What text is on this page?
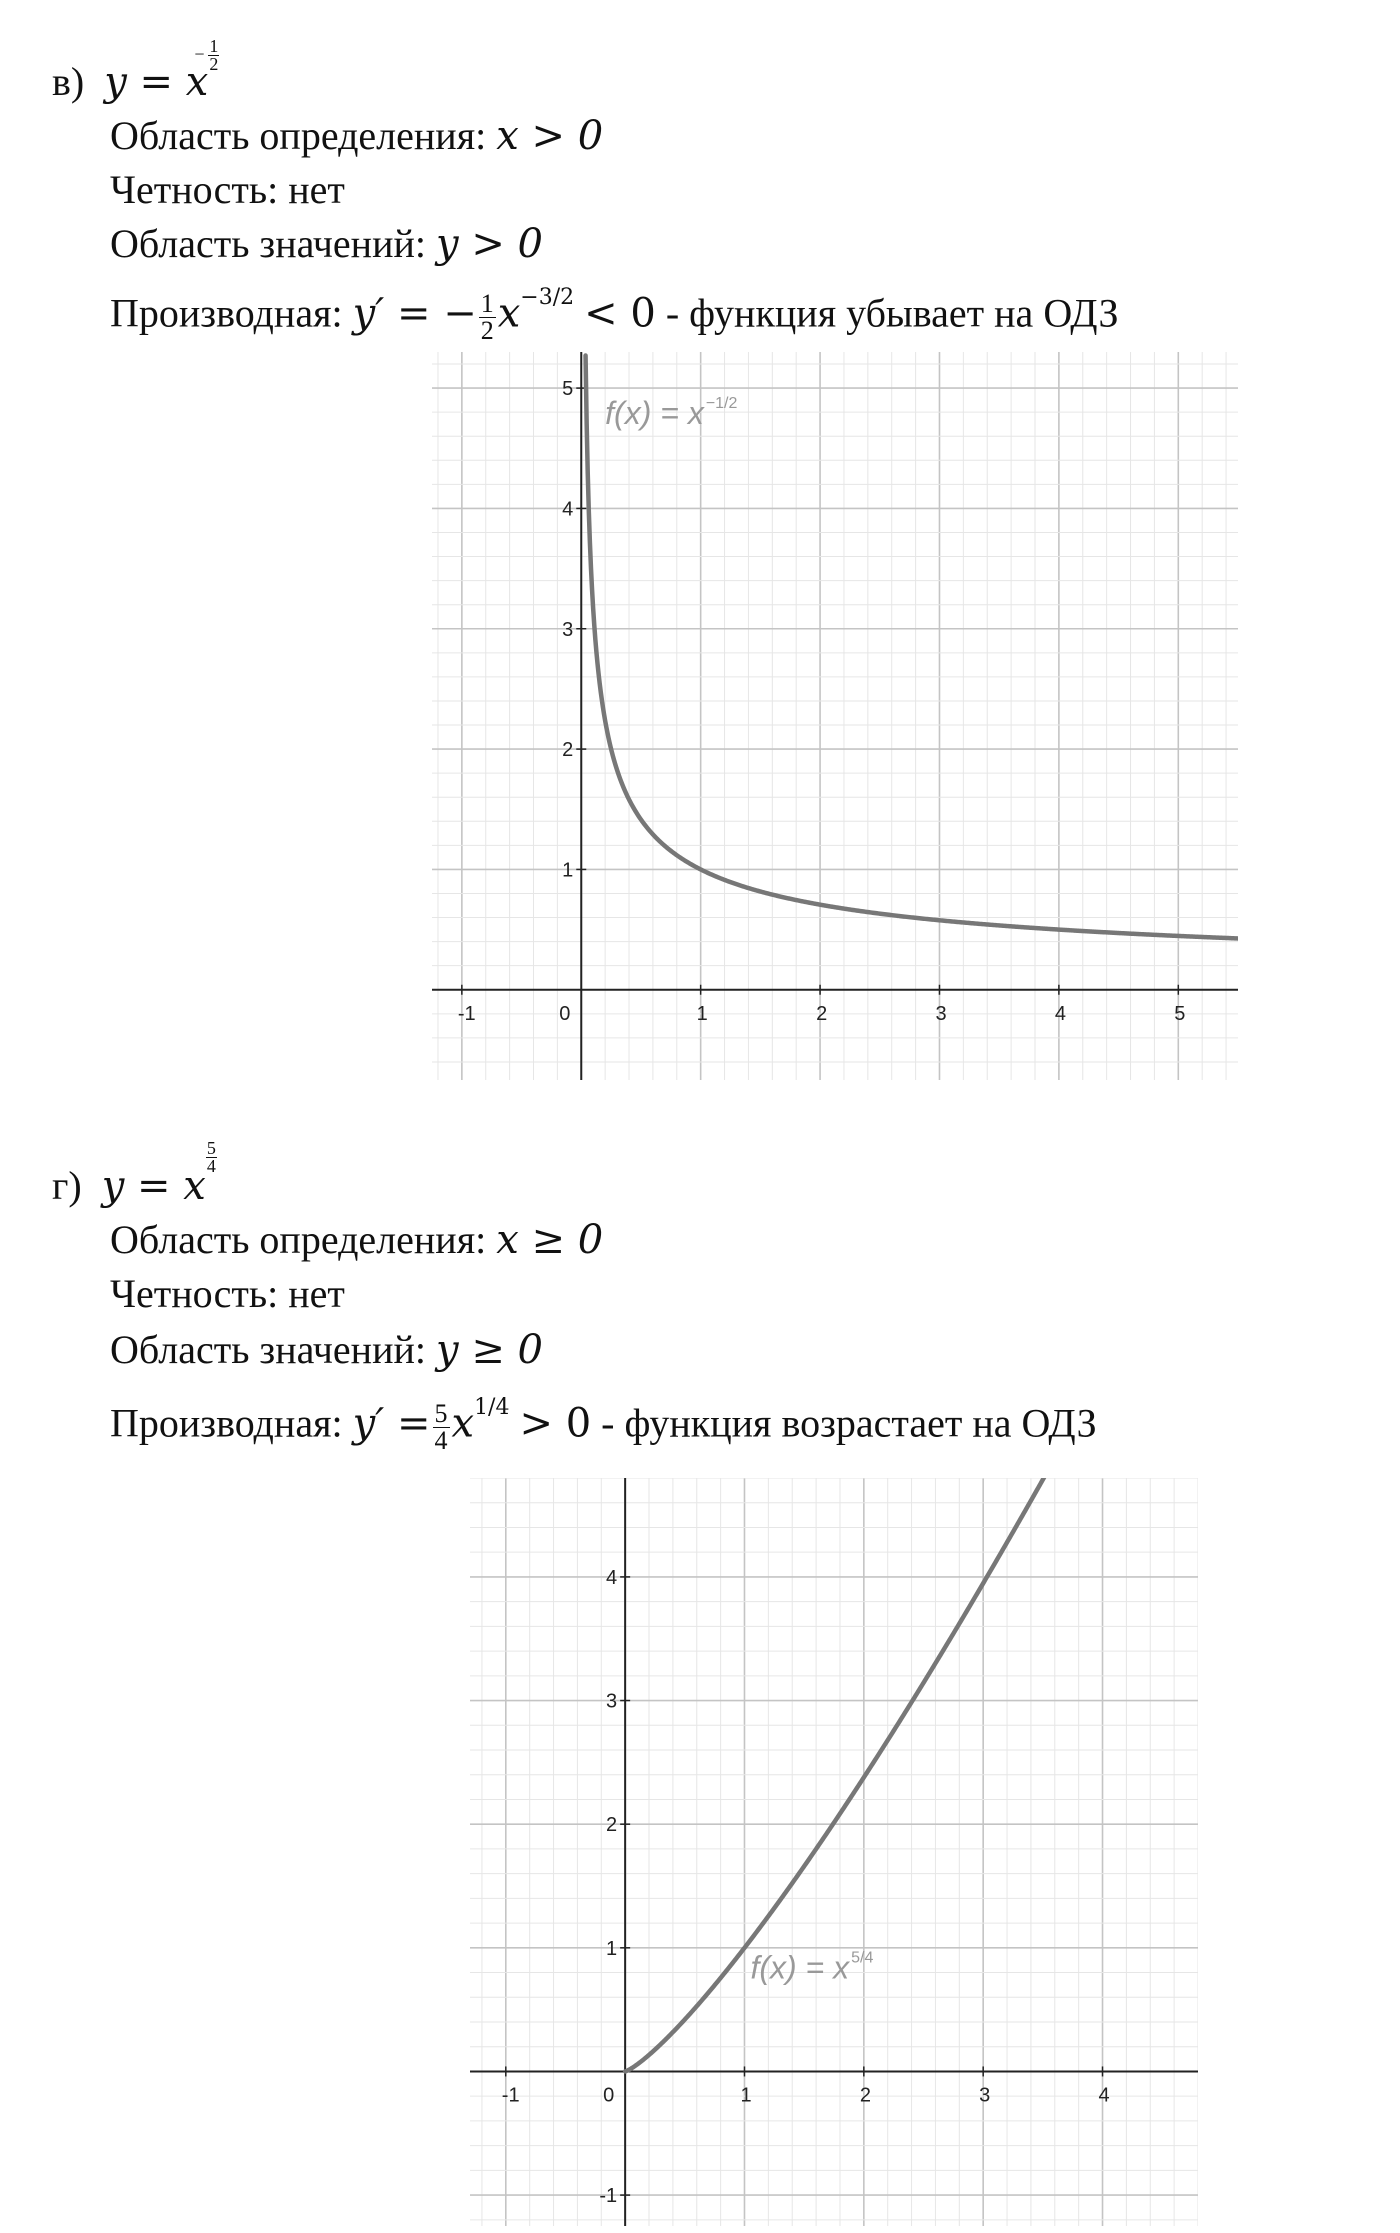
в) y = x
− 1
2
Область определения: x > 0
Четность: нет
Область значений: y > 0
Производная: y′ = − $\frac{1}{2} x^{-3/2} < 0$ - функция убывает на ОДЗ
-1	0	1	2	3	4	5
1
2
3
4
5
f(x) = x −1/2
г) y = x
$\frac{5}{4}$
Область определения: x ≥ 0
Четность: нет
Область значений: y ≥ 0
Производная: $y' = \frac{5}{4} x^{1/4} > 0$ - функция возрастает на ОДЗ
-1	0	1	2	3	4
-1
1
2
3
4
f(x) = x 5/4
